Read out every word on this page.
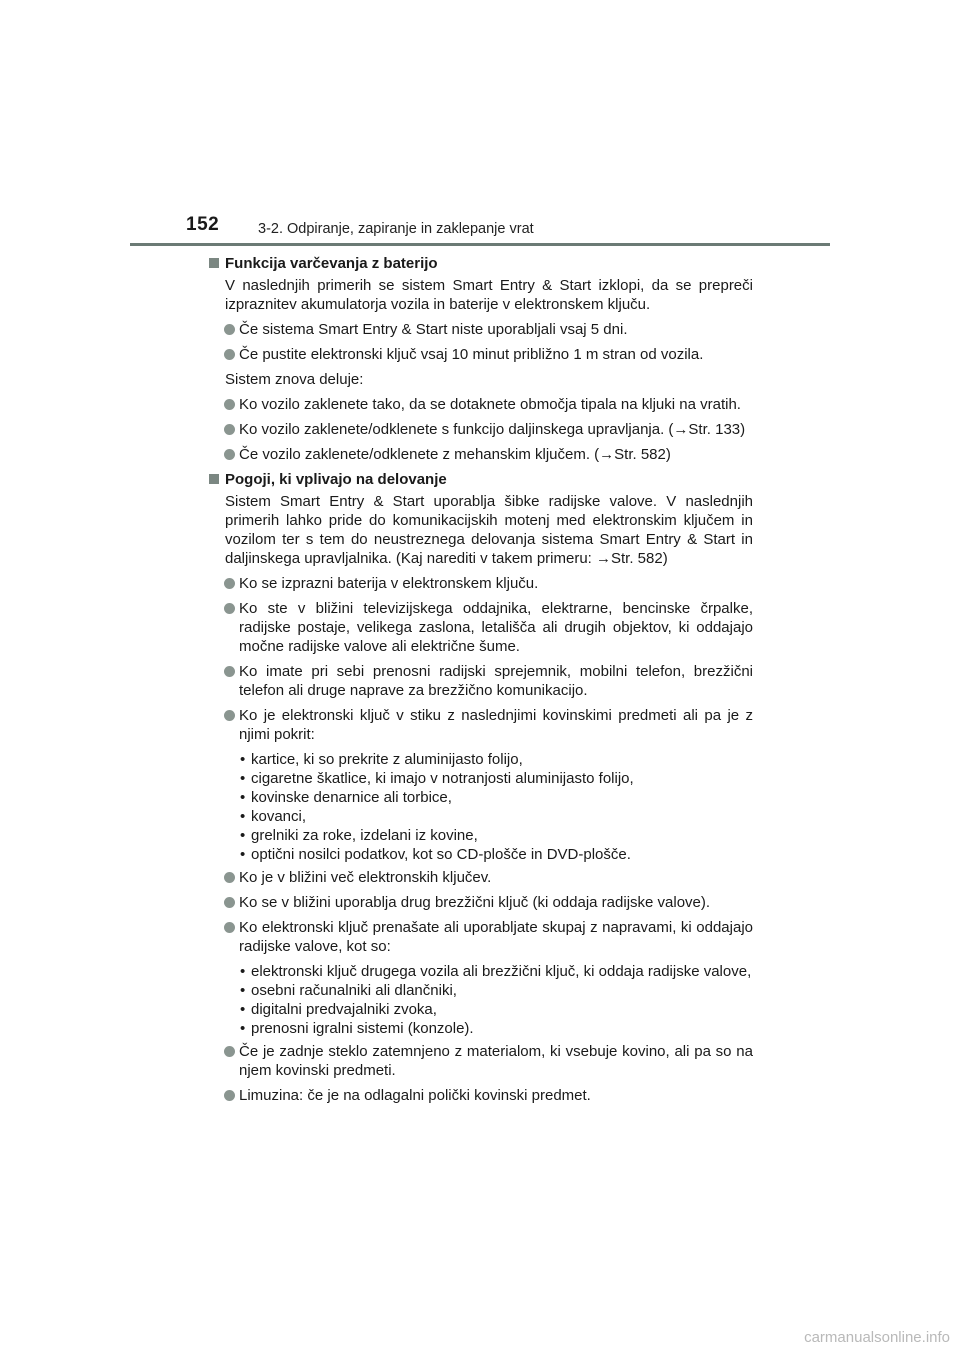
152	3-2. Odpiranje, zapiranje in zaklepanje vrat
Funkcija varčevanja z baterijo
V naslednjih primerih se sistem Smart Entry & Start izklopi, da se prepreči izpraznitev akumulatorja vozila in baterije v elektronskem ključu.
Če sistema Smart Entry & Start niste uporabljali vsaj 5 dni.
Če pustite elektronski ključ vsaj 10 minut približno 1 m stran od vozila.
Sistem znova deluje:
Ko vozilo zaklenete tako, da se dotaknete območja tipala na kljuki na vratih.
Ko vozilo zaklenete/odklenete s funkcijo daljinskega upravljanja. (→Str. 133)
Če vozilo zaklenete/odklenete z mehanskim ključem. (→Str. 582)
Pogoji, ki vplivajo na delovanje
Sistem Smart Entry & Start uporablja šibke radijske valove. V naslednjih primerih lahko pride do komunikacijskih motenj med elektronskim ključem in vozilom ter s tem do neustreznega delovanja sistema Smart Entry & Start in daljinskega upravljalnika. (Kaj narediti v takem primeru: →Str. 582)
Ko se izprazni baterija v elektronskem ključu.
Ko ste v bližini televizijskega oddajnika, elektrarne, bencinske črpalke, radijske postaje, velikega zaslona, letališča ali drugih objektov, ki oddajajo močne radijske valove ali električne šume.
Ko imate pri sebi prenosni radijski sprejemnik, mobilni telefon, brezžični telefon ali druge naprave za brezžično komunikacijo.
Ko je elektronski ključ v stiku z naslednjimi kovinskimi predmeti ali pa je z njimi pokrit:
• kartice, ki so prekrite z aluminijasto folijo,
• cigaretne škatlice, ki imajo v notranjosti aluminijasto folijo,
• kovinske denarnice ali torbice,
• kovanci,
• grelniki za roke, izdelani iz kovine,
• optični nosilci podatkov, kot so CD-plošče in DVD-plošče.
Ko je v bližini več elektronskih ključev.
Ko se v bližini uporablja drug brezžični ključ (ki oddaja radijske valove).
Ko elektronski ključ prenašate ali uporabljate skupaj z napravami, ki oddajajo radijske valove, kot so:
• elektronski ključ drugega vozila ali brezžični ključ, ki oddaja radijske valove,
• osebni računalniki ali dlančniki,
• digitalni predvajalniki zvoka,
• prenosni igralni sistemi (konzole).
Če je zadnje steklo zatemnjeno z materialom, ki vsebuje kovino, ali pa so na njem kovinski predmeti.
Limuzina: če je na odlagalni polički kovinski predmet.
carmanualsonline.info
